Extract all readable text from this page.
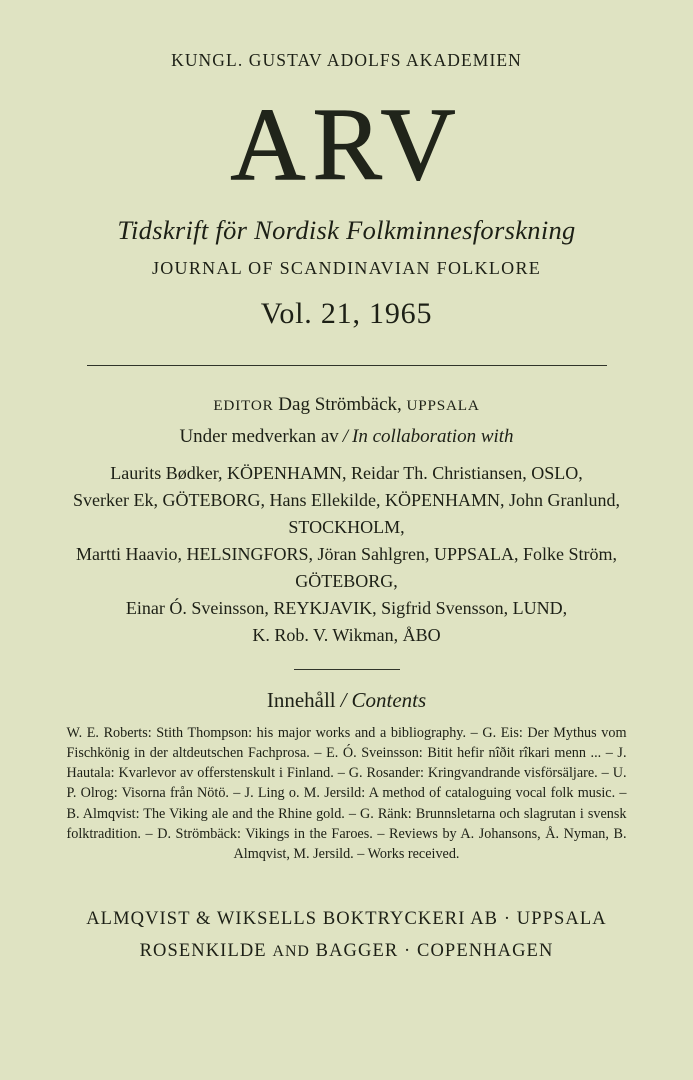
KUNGL. GUSTAV ADOLFS AKADEMIEN
ARV
Tidskrift för Nordisk Folkminnesforskning
JOURNAL OF SCANDINAVIAN FOLKLORE
Vol. 21, 1965
EDITOR Dag Strömbäck, UPPSALA
Under medverkan av / In collaboration with
Laurits Bødker, KÖPENHAMN, Reidar Th. Christiansen, OSLO,
Sverker Ek, GÖTEBORG, Hans Ellekilde, KÖPENHAMN, John Granlund, STOCKHOLM,
Martti Haavio, HELSINGFORS, Jöran Sahlgren, UPPSALA, Folke Ström, GÖTEBORG,
Einar Ó. Sveinsson, REYKJAVIK, Sigfrid Svensson, LUND,
K. Rob. V. Wikman, ÅBO
Innehåll / Contents
W. E. Roberts: Stith Thompson: his major works and a bibliography. – G. Eis: Der Mythus vom Fischkönig in der altdeutschen Fachprosa. – E. Ó. Sveinsson: Bitit hefir nîðit rîkari menn ... – J. Hautala: Kvarlevor av offerstenskult i Finland. – G. Rosander: Kringvandrande visförsäljare. – U. P. Olrog: Visorna från Nötö. – J. Ling o. M. Jersild: A method of cataloguing vocal folk music. – B. Almqvist: The Viking ale and the Rhine gold. – G. Ränk: Brunnsletarna och slagrutan i svensk folktradition. – D. Strömbäck: Vikings in the Faroes. – Reviews by A. Johansons, Å. Nyman, B. Almqvist, M. Jersild. – Works received.
ALMQVIST & WIKSELLS BOKTRYCKERI AB · UPPSALA
ROSENKILDE AND BAGGER · COPENHAGEN
